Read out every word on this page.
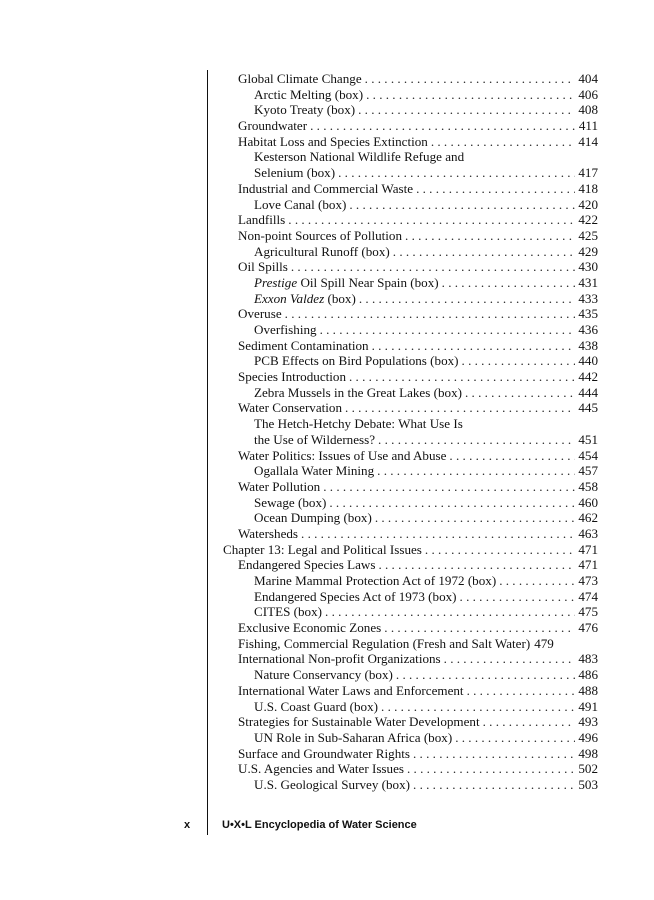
Global Climate Change . . .	404
Arctic Melting (box) . . .	406
Kyoto Treaty (box) . . .	408
Groundwater . . .	411
Habitat Loss and Species Extinction . . .	414
Kesterson National Wildlife Refuge and
Selenium (box) . . .	417
Industrial and Commercial Waste . . .	418
Love Canal (box) . . .	420
Landfills . . .	422
Non-point Sources of Pollution . . .	425
Agricultural Runoff (box) . . .	429
Oil Spills . . .	430
Prestige Oil Spill Near Spain (box) . . .	431
Exxon Valdez (box) . . .	433
Overuse . . .	435
Overfishing . . .	436
Sediment Contamination . . .	438
PCB Effects on Bird Populations (box) . . .	440
Species Introduction . . .	442
Zebra Mussels in the Great Lakes (box) . . .	444
Water Conservation . . .	445
The Hetch-Hetchy Debate: What Use Is
the Use of Wilderness? . . .	451
Water Politics: Issues of Use and Abuse . . .	454
Ogallala Water Mining . . .	457
Water Pollution . . .	458
Sewage (box) . . .	460
Ocean Dumping (box) . . .	462
Watersheds . . .	463
Chapter 13: Legal and Political Issues . . .	471
Endangered Species Laws . . .	471
Marine Mammal Protection Act of 1972 (box) . . .	473
Endangered Species Act of 1973 (box) . . .	474
CITES (box) . . .	475
Exclusive Economic Zones . . .	476
Fishing, Commercial Regulation (Fresh and Salt Water) 479
International Non-profit Organizations . . .	483
Nature Conservancy (box) . . .	486
International Water Laws and Enforcement . . .	488
U.S. Coast Guard (box) . . .	491
Strategies for Sustainable Water Development . . .	493
UN Role in Sub-Saharan Africa (box) . . .	496
Surface and Groundwater Rights . . .	498
U.S. Agencies and Water Issues . . .	502
U.S. Geological Survey (box) . . .	503
x	U•X•L Encyclopedia of Water Science
